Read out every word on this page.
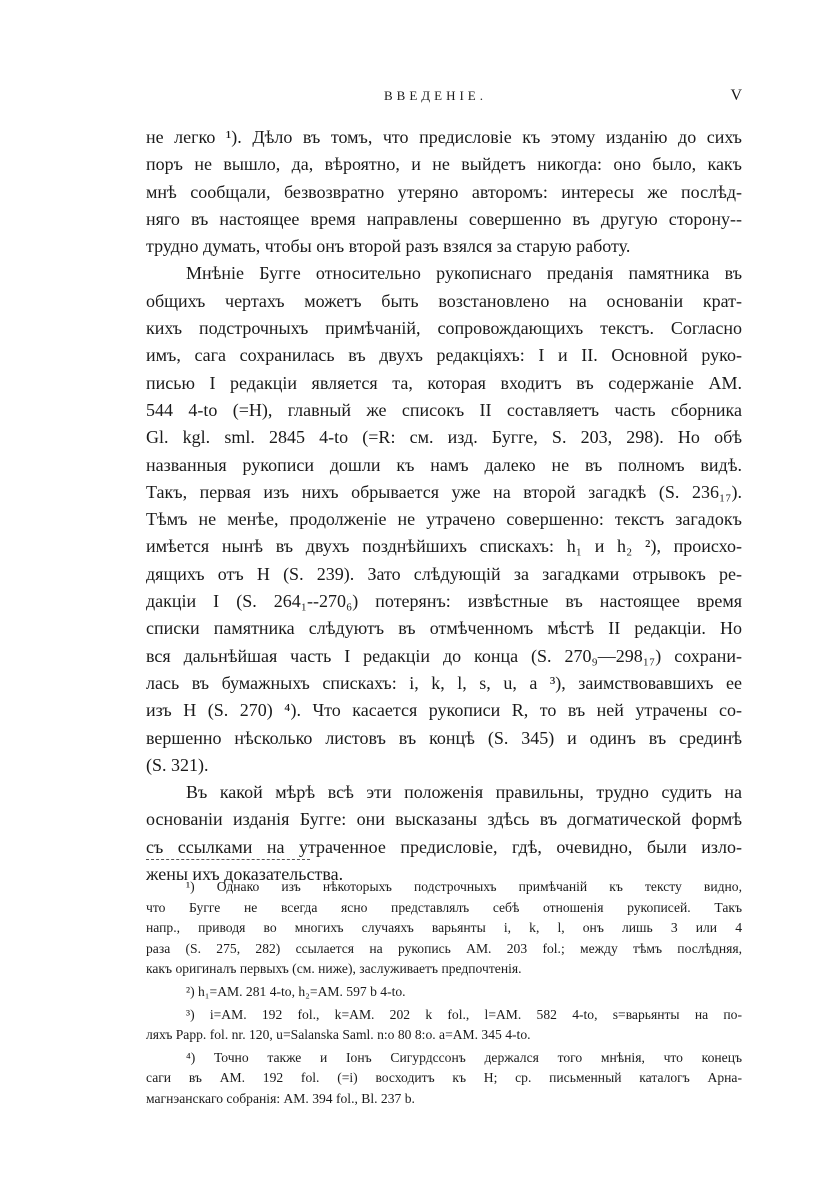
ВВЕДЕНІЕ.	V
не легко ¹). Дѣло въ томъ, что предисловіе къ этому изданію до сихъ
поръ не вышло, да, вѣроятно, и не выйдетъ никогда: оно было, какъ
мнѣ сообщали, безвозвратно утеряно авторомъ: интересы же послѣд-
няго въ настоящее время направлены совершенно въ другую сторону--
трудно думать, чтобы онъ второй разъ взялся за старую работу.
Мнѣніе Бугге относительно рукописнаго преданія памятника въ
общихъ чертахъ можетъ быть возстановлено на основаніи крат-
кихъ подстрочныхъ примѣчаній, сопровождающихъ текстъ. Согласно
имъ, сага сохранилась въ двухъ редакціяхъ: I и II. Основной руко-
писью I редакціи является та, которая входитъ въ содержаніе AM.
544 4-to (=H), главный же списокъ II составляетъ часть сборника
Gl. kgl. sml. 2845 4-to (=R: см. изд. Бугге, S. 203, 298). Но обѣ
названныя рукописи дошли къ намъ далеко не въ полномъ видѣ.
Такъ, первая изъ нихъ обрывается уже на второй загадкѣ (S. 236₁₇).
Тѣмъ не менѣе, продолженіе не утрачено совершенно: текстъ загадокъ
имѣется нынѣ въ двухъ позднѣйшихъ спискахъ: h₁ и h₂ ²), происхо-
дящихъ отъ H (S. 239). Зато слѣдующій за загадками отрывокъ ре-
дакціи I (S. 264₁--270₆) потерянъ: извѣстные въ настоящее время
списки памятника слѣдуютъ въ отмѣченномъ мѣстѣ II редакціи. Но
вся дальнѣйшая часть I редакціи до конца (S. 270₉—298₁₇) сохрани-
лась въ бумажныхъ спискахъ: i, k, l, s, u, a ³), заимствовавшихъ ее
изъ H (S. 270) ⁴). Что касается рукописи R, то въ ней утрачены со-
вершенно нѣсколько листовъ въ концѣ (S. 345) и одинъ въ срединѣ
(S. 321).
Въ какой мѣрѣ всѣ эти положенія правильны, трудно судить на
основаніи изданія Бугге: они высказаны здѣсь въ догматической формѣ
съ ссылками на утраченное предисловіе, гдѣ, очевидно, были изло-
жены ихъ доказательства.
¹) Однако изъ нѣкоторыхъ подстрочныхъ примѣчаній къ тексту видно,
что Бугге не всегда ясно представлялъ себѣ отношенія рукописей. Такъ
напр., приводя во многихъ случаяхъ варьянты i, k, l, онъ лишь 3 или 4
раза (S. 275, 282) ссылается на рукопись AM. 203 fol.; между тѣмъ послѣдняя,
какъ оригиналъ первыхъ (см. ниже), заслуживаетъ предпочтенія.
²) h₁=AM. 281 4-to, h₂=AM. 597 b 4-to.
³) i=AM. 192 fol., k=AM. 202 k fol., l=AM. 582 4-to, s=варьянты на по-
ляхъ Papp. fol. nr. 120, u=Salanska Saml. n:o 80 8:o. a=AM. 345 4-to.
⁴) Точно также и Іонъ Сигурдссонъ держался того мнѣнія, что конецъ
саги въ AM. 192 fol. (=i) восходитъ къ H; ср. письменный каталогъ Арна-
магнэанскаго собранія: AM. 394 fol., Bl. 237 b.
